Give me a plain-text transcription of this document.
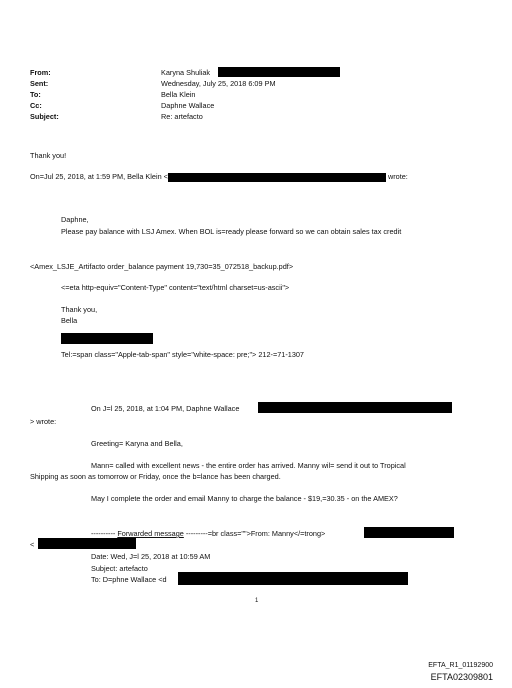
From:
Sent:
To:
Cc:
Subject:
Karyna Shuliak
Wednesday, July 25, 2018 6:09 PM
Bella Klein
Daphne Wallace
Re: artefacto
Thank you!
On=Jul 25, 2018, at 1:59 PM, Bella Klein <	wrote:
Daphne,
Please pay balance with LSJ Amex. When BOL is=ready please forward so we can obtain sales tax credit
<Amex_LSJE_Artifacto order_balance payment 19,730=35_072518_backup.pdf>
<=eta http-equiv="Content-Type" content="text/html charset=us-ascii">
Thank you,
Bella
Tel:=span class="Apple-tab-span" style="white-space: pre;"> 212-=71-1307
On J=l 25, 2018, at 1:04 PM, Daphne Wallace
> wrote:
Greeting= Karyna and Bella,
Mann= called with excellent news - the entire order has arrived. Manny wil= send it out to Tropical
Shipping as soon as tomorrow or Friday, once the b=lance has been charged.
May I complete the order and email Manny to charge the balance - $19,=30.35 - on the AMEX?
---------- Forwarded message ---------=br class="">From: Manny</=trong>
<
Date: Wed, J=l 25, 2018 at 10:59 AM
Subject: artefacto
To: D=phne Wallace <d
1
EFTA_R1_01192900
EFTA02309801
